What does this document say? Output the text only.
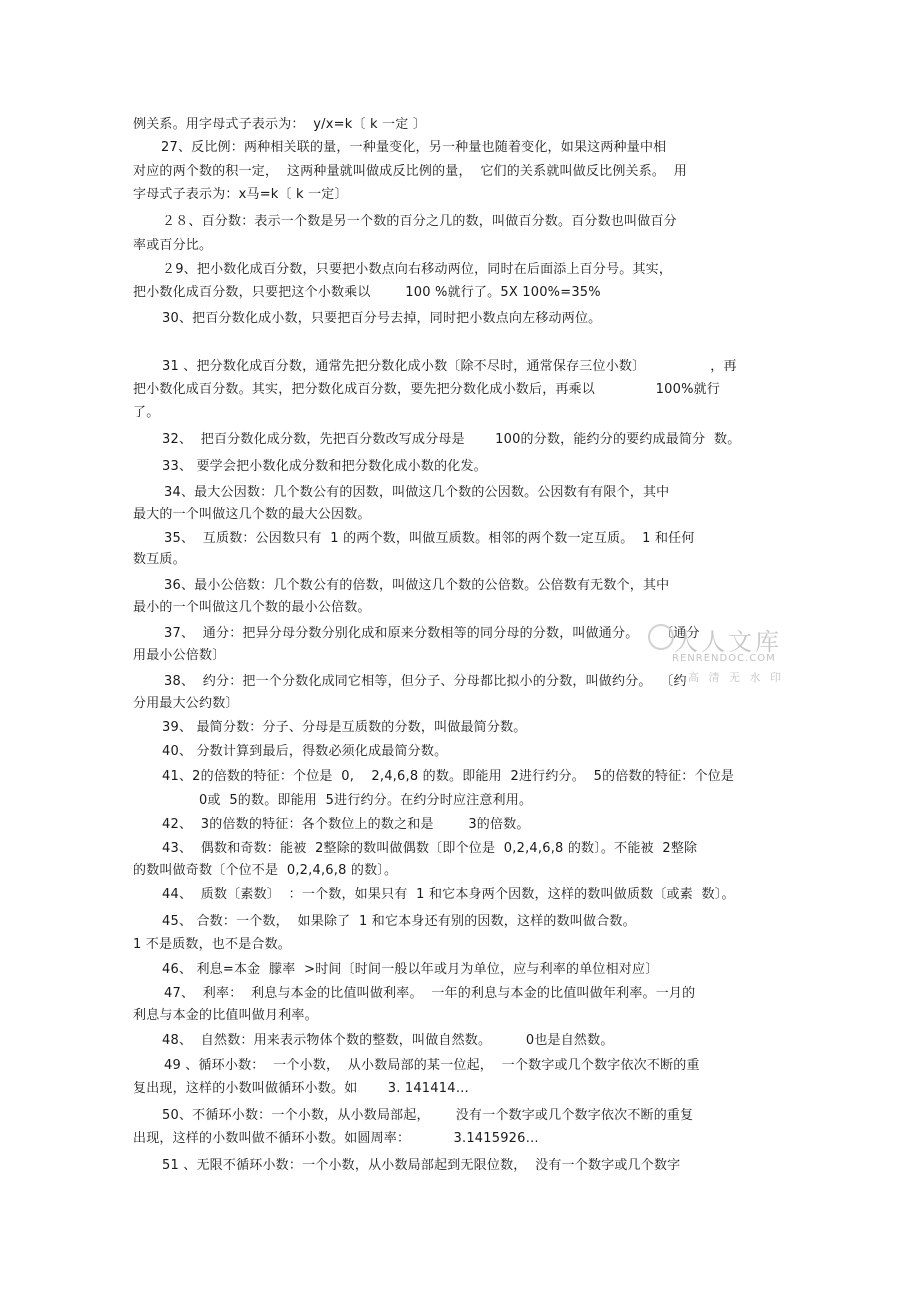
例关系。用字母式子表示为：  y/x=k〔 k 一定 〕

27、反比例：两种相关联的量，一种量变化，另一种量也随着变化，如果这两种量中相

对应的两个数的积一定，  这两种量就叫做成反比例的量，  它们的关系就叫做反比例关系。  用

字母式子表示为：x马=k〔 k 一定〕

２８、百分数：表示一个数是另一个数的百分之几的数，叫做百分数。百分数也叫做百分

率或百分比。

２9、把小数化成百分数，只要把小数点向右移动两位，同时在后面添上百分号。其实，

把小数化成百分数，只要把这个小数乘以        100 %就行了。5X 100%=35%

30、把百分数化成小数，只要把百分号去掉，同时把小数点向左移动两位。

31 、把分数化成百分数，通常先把分数化成小数〔除不尽时，通常保存三位小数〕               ，再

把小数化成百分数。其实，把分数化成百分数，要先把分数化成小数后，再乘以              100%就行

了。

32、  把百分数化成分数，先把百分数改写成分母是       100的分数，能约分的要约成最简分  数。

33、 要学会把小数化成分数和把分数化成小数的化发。

34、最大公因数：几个数公有的因数，叫做这几个数的公因数。公因数有有限个，其中

最大的一个叫做这几个数的最大公因数。

35、  互质数：公因数只有  1 的两个数，叫做互质数。相邻的两个数一定互质。  1 和任何

数互质。

36、最小公倍数：几个数公有的倍数，叫做这几个数的公倍数。公倍数有无数个，其中

最小的一个叫做这几个数的最小公倍数。

37、  通分：把异分母分数分别化成和原来分数相等的同分母的分数，叫做通分。     〔通分

用最小公倍数〕

38、  约分：把一个分数化成同它相等，但分子、分母都比拟小的分数，叫做约分。  〔约

分用最大公约数〕

39、 最简分数：分子、分母是互质数的分数，叫做最简分数。

40、 分数计算到最后，得数必须化成最简分数。

41、2的倍数的特征：个位是  0,    2,4,6,8 的数。即能用  2进行约分。  5的倍数的特征：个位是

0或  5的数。即能用  5进行约分。在约分时应注意利用。

42、  3的倍数的特征：各个数位上的数之和是        3的倍数。

43、  偶数和奇数：能被  2整除的数叫做偶数〔即个位是  0,2,4,6,8 的数〕。不能被  2整除

的数叫做奇数〔个位不是  0,2,4,6,8 的数〕。

44、  质数〔素数〕  ：一个数，如果只有  1 和它本身两个因数，这样的数叫做质数〔或素  数〕。

45、 合数：一个数，  如果除了  1 和它本身还有别的因数，这样的数叫做合数。

1 不是质数，也不是合数。

46、 利息=本金  朦率  >时间〔时间一般以年或月为单位，应与利率的单位相对应〕

47、  利率：  利息与本金的比值叫做利率。  一年的利息与本金的比值叫做年利率。一月的

利息与本金的比值叫做月利率。

48、  自然数：用来表示物体个数的整数，叫做自然数。        0也是自然数。

49 、循环小数：  一个小数，  从小数局部的某一位起，  一个数字或几个数字依次不断的重

复出现，这样的小数叫做循环小数。如       3. 141414…

50、不循环小数：一个小数，从小数局部起，      没有一个数字或几个数字依次不断的重复

出现，这样的小数叫做不循环小数。如圆周率：          3.1415926…

51 、无限不循环小数：一个小数，从小数局部起到无限位数，  没有一个数字或几个数字

人人文库
RENRENDOC.COM
高 清 无 水 印
